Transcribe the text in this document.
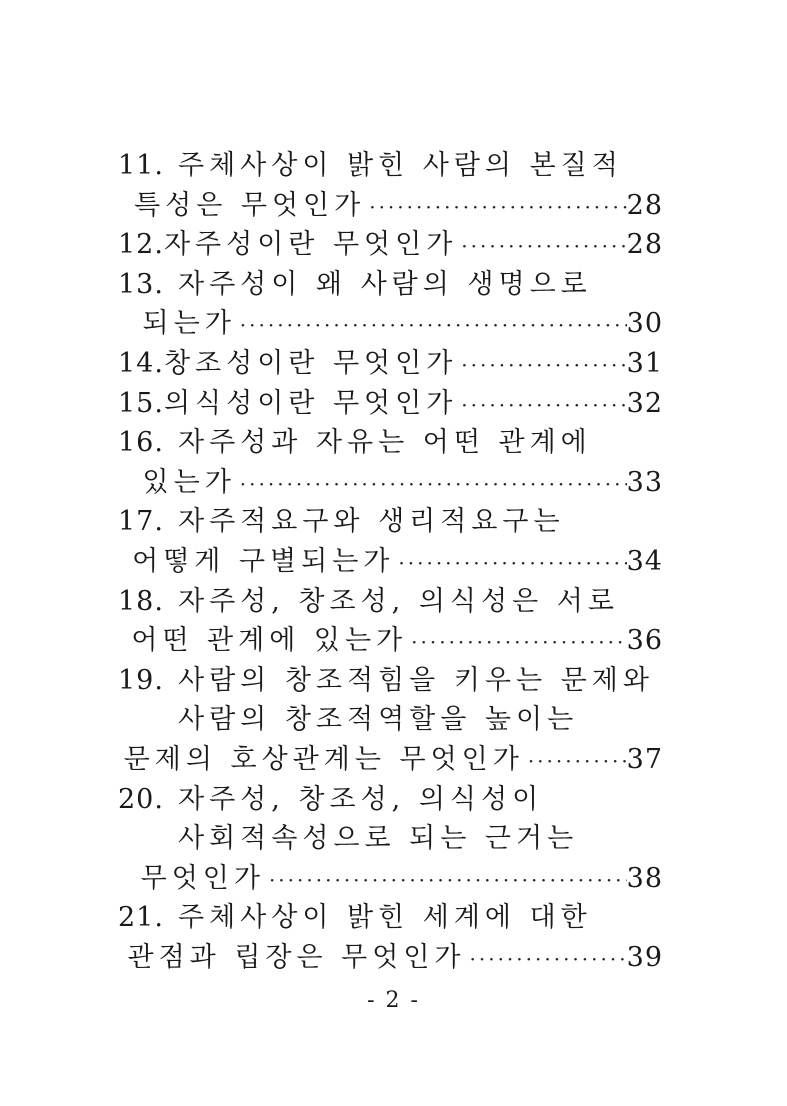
11. 주체사상이 밝힌 사람의 본질적
특성은 무엇인가 ·····	28
12. 자주성이란 무엇인가 ·····	28
13. 자주성이 왜 사람의 생명으로
되는가 ·····	30
14. 창조성이란 무엇인가 ·····	31
15. 의식성이란 무엇인가 ·····	32
16. 자주성과 자유는 어떤 관계에
있는가 ·····	33
17. 자주적요구와 생리적요구는
어떻게 구별되는가 ·····	34
18. 자주성, 창조성, 의식성은 서로
어떤 관계에 있는가 ·····	36
19. 사람의 창조적힘을 키우는 문제와
사람의 창조적역할을 높이는
문제의 호상관계는 무엇인가 ·····	37
20. 자주성, 창조성, 의식성이
사회적속성으로 되는 근거는
무엇인가 ·····	38
21. 주체사상이 밝힌 세계에 대한
관점과 립장은 무엇인가 ·····	39
- 2 -
